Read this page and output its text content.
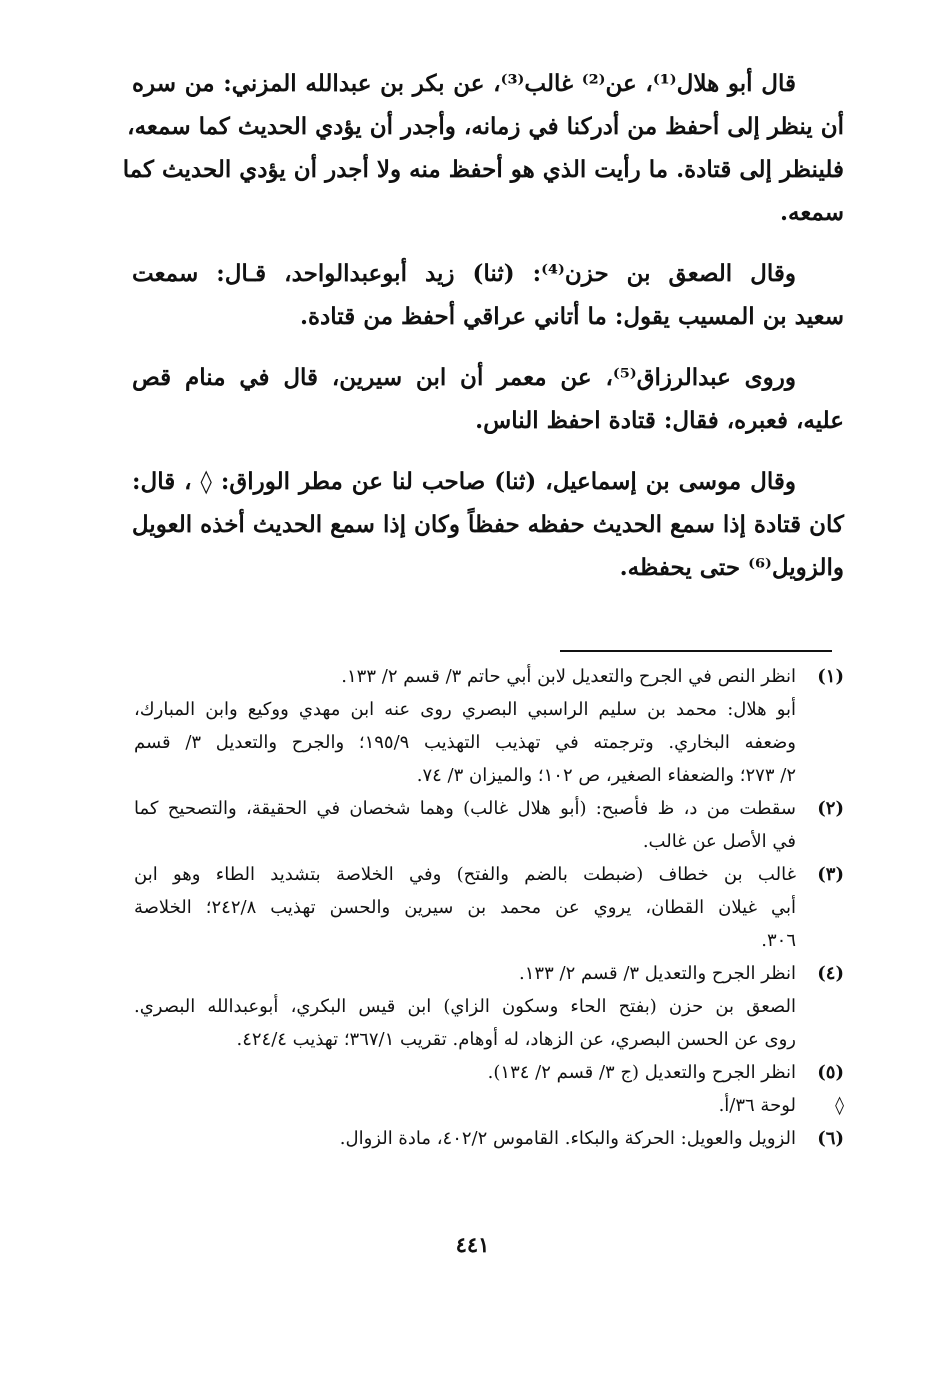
قال أبو هلال⁽¹⁾، عن⁽²⁾ غالب⁽³⁾، عن بكر بن عبدالله المزني: من سره
أن ينظر إلى أحفظ من أدركنا في زمانه، وأجدر أن يؤدي الحديث كما سمعه،
فلينظر إلى قتادة. ما رأيت الذي هو أحفظ منه ولا أجدر أن يؤدي الحديث كما
سمعه.

وقال الصعق بن حزن⁽⁴⁾: (ثنا) زيد أبوعبدالواحد، قـال: سمعت
سعيد بن المسيب يقول: ما أتاني عراقي أحفظ من قتادة.

وروى عبدالرزاق⁽⁵⁾، عن معمر أن ابن سيرين، قال في منام قص
عليه، فعبره، فقال: قتادة احفظ الناس.

وقال موسى بن إسماعيل، (ثنا) صاحب لنا عن مطر الوراق: ◊ ، قال:
كان قتادة إذا سمع الحديث حفظه حفظاً وكان إذا سمع الحديث أخذه العويل
والزويل⁽⁶⁾ حتى يحفظه.

(١)
انظر النص في الجرح والتعديل لابن أبي حاتم ٣/ قسم ٢/ ١٣٣.
أبو هلال: محمد بن سليم الراسبي البصري روى عنه ابن مهدي ووكيع وابن المبارك،
وضعفه البخاري. وترجمته في تهذيب التهذيب ١٩٥/٩؛ والجرح والتعديل ٣/ قسم
٢/ ٢٧٣؛ والضعفاء الصغير، ص ١٠٢؛ والميزان ٣/ ٧٤.
(٢)
سقطت من د، ظ فأصبح: (أبو هلال غالب) وهما شخصان في الحقيقة، والتصحيح كما
في الأصل عن غالب.
(٣)
غالب بن خطاف (ضبطت بالضم والفتح) وفي الخلاصة بتشديد الطاء وهو ابن
أبي غيلان القطان، يروي عن محمد بن سيرين والحسن تهذيب ٢٤٢/٨؛ الخلاصة
٣٠٦.
(٤)
انظر الجرح والتعديل ٣/ قسم ٢/ ١٣٣.
الصعق بن حزن (بفتح الحاء وسكون الزاي) ابن قيس البكري، أبوعبدالله البصري.
روى عن الحسن البصري، عن الزهاد، له أوهام. تقريب ٣٦٧/١؛ تهذيب ٤٢٤/٤.
(٥)
انظر الجرح والتعديل (ج ٣/ قسم ٢/ ١٣٤).
◊
لوحة ٣٦/أ.
(٦)
الزويل والعويل: الحركة والبكاء. القاموس ٤٠٢/٢، مادة الزوال.
٤٤١
